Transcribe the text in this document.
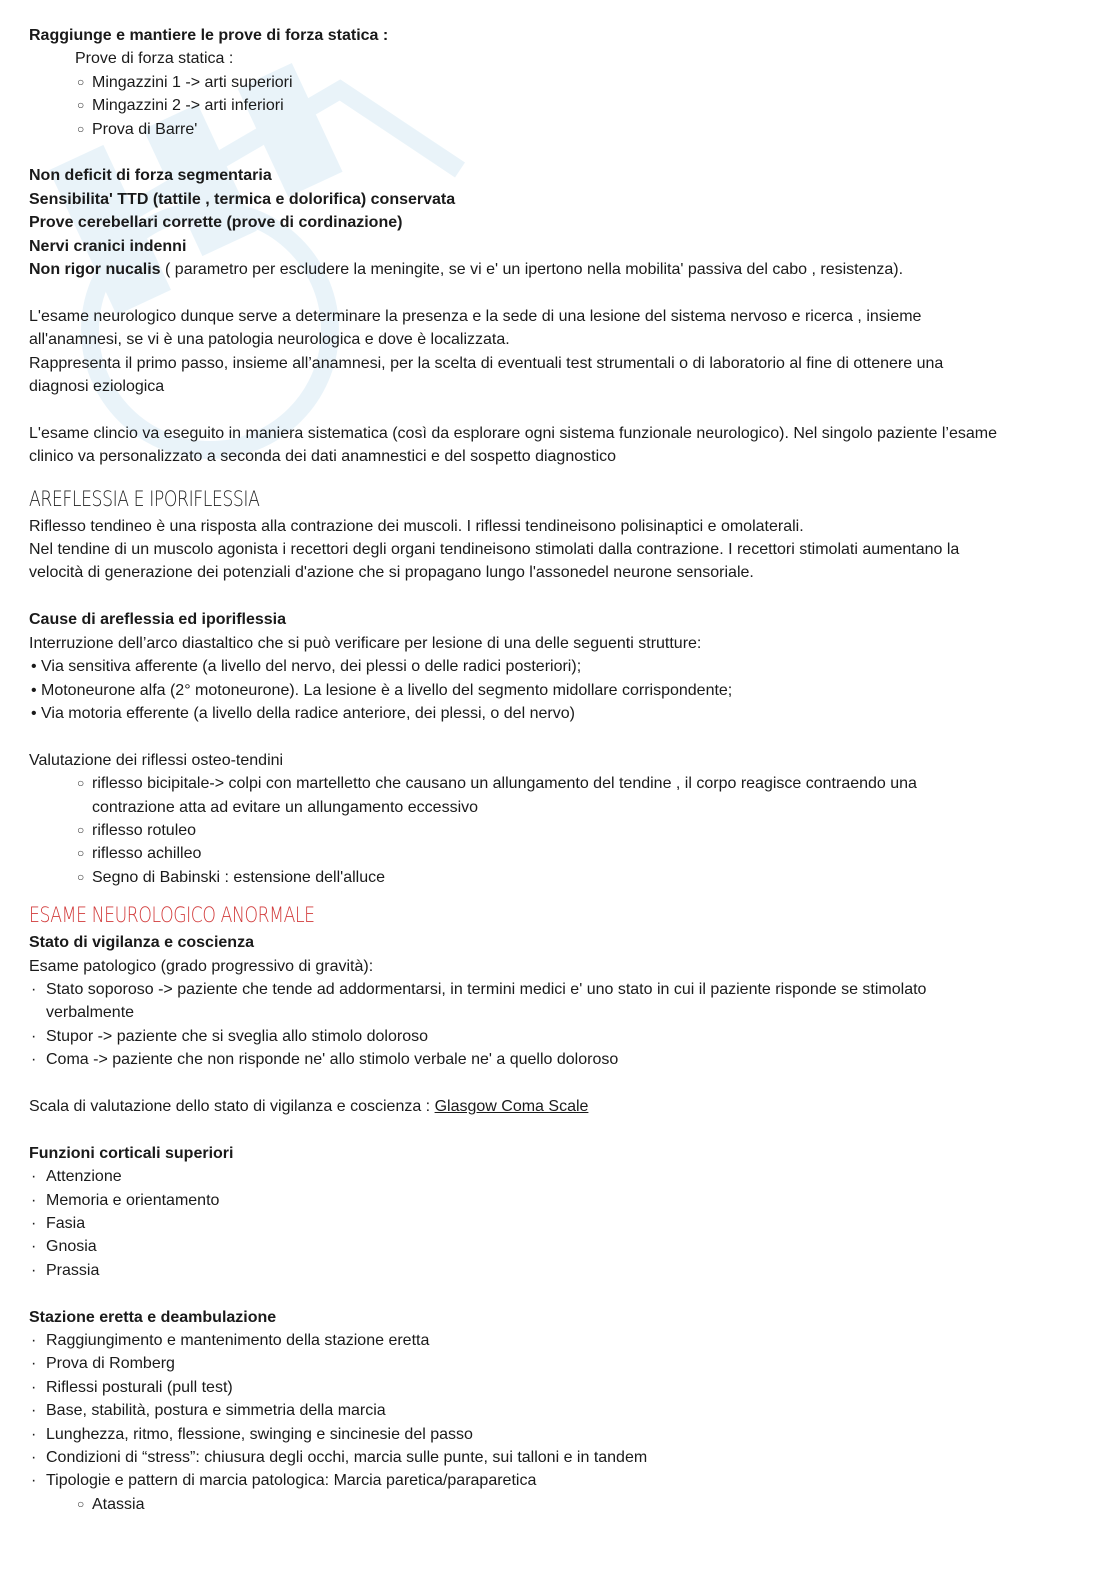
Raggiunge e mantiere le prove di forza statica :
Prove di forza statica :
○ Mingazzini 1 -> arti superiori
○ Mingazzini 2 -> arti inferiori
○ Prova di Barre'
Non deficit di forza segmentaria
Sensibilita' TTD (tattile , termica e dolorifica) conservata
Prove cerebellari corrette (prove di cordinazione)
Nervi cranici indenni
Non rigor nucalis ( parametro per escludere la meningite, se vi e' un ipertono nella mobilita' passiva del cabo , resistenza).
L'esame neurologico dunque serve a determinare la presenza e la sede di una lesione del sistema nervoso e ricerca , insieme
all'anamnesi, se vi è una patologia neurologica e dove è localizzata.
Rappresenta il primo passo, insieme all’anamnesi, per la scelta di eventuali test strumentali o di laboratorio al fine di ottenere una
diagnosi eziologica
L'esame clincio va eseguito in maniera sistematica (così da esplorare ogni sistema funzionale neurologico). Nel singolo paziente l’esame
clinico va personalizzato a seconda dei dati anamnestici e del sospetto diagnostico
AREFLESSIA E IPORIFLESSIA
Riflesso tendineo è una risposta alla contrazione dei muscoli. I riflessi tendineisono polisinaptici e omolaterali.
Nel tendine di un muscolo agonista i recettori degli organi tendineisono stimolati dalla contrazione. I recettori stimolati aumentano la
velocità di generazione dei potenziali d'azione che si propagano lungo l'assonedel neurone sensoriale.
Cause di areflessia ed iporiflessia
Interruzione dell’arco diastaltico che si può verificare per lesione di una delle seguenti strutture:
• Via sensitiva afferente (a livello del nervo, dei plessi o delle radici posteriori);
• Motoneurone alfa (2° motoneurone). La lesione è a livello del segmento midollare corrispondente;
• Via motoria efferente (a livello della radice anteriore, dei plessi, o del nervo)
Valutazione dei riflessi osteo-tendini
○ riflesso bicipitale-> colpi con martelletto che causano un allungamento del tendine , il corpo reagisce contraendo una
contrazione atta ad evitare un allungamento eccessivo
○ riflesso rotuleo
○ riflesso achilleo
○ Segno di Babinski : estensione dell'alluce
ESAME NEUROLOGICO ANORMALE
Stato di vigilanza e coscienza
Esame patologico (grado progressivo di gravità):
· Stato soporoso -> paziente che tende ad addormentarsi, in termini medici e' uno stato in cui il paziente risponde se stimolato
verbalmente
· Stupor -> paziente che si sveglia allo stimolo doloroso
· Coma -> paziente che non risponde ne' allo stimolo verbale ne' a quello doloroso
Scala di valutazione dello stato di vigilanza e coscienza : Glasgow Coma Scale
Funzioni corticali superiori
· Attenzione
· Memoria e orientamento
· Fasia
· Gnosia
· Prassia
Stazione eretta e deambulazione
· Raggiungimento e mantenimento della stazione eretta
· Prova di Romberg
· Riflessi posturali (pull test)
· Base, stabilità, postura e simmetria della marcia
· Lunghezza, ritmo, flessione, swinging e sincinesie del passo
· Condizioni di “stress”: chiusura degli occhi, marcia sulle punte, sui talloni e in tandem
· Tipologie e pattern di marcia patologica: Marcia paretica/paraparetica
○ Atassia
